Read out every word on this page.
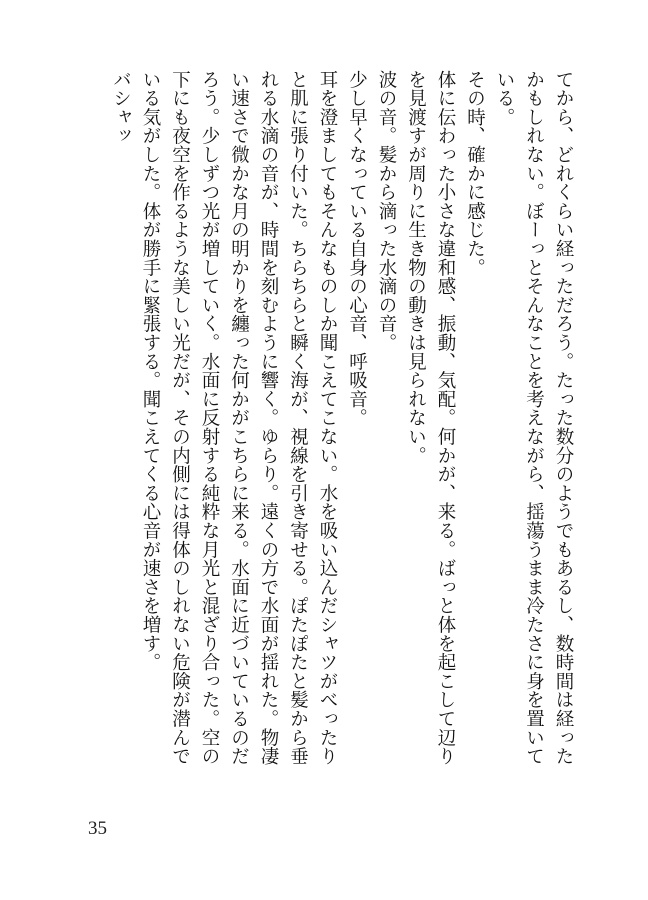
てから、どれくらい経っただろう。たった数分のようでもあるし、数時間は経ったかもしれない。ぼーっとそんなことを考えながら、揺蕩うまま冷たさに身を置いている。

その時、確かに感じた。

体に伝わった小さな違和感、振動、気配。何かが、来る。ばっと体を起こして辺りを見渡すが周りに生き物の動きは見られない。

波の音。髪から滴った水滴の音。

少し早くなっている自身の心音、呼吸音。

耳を澄ましてもそんなものしか聞こえてこない。水を吸い込んだシャツがべったりと肌に張り付いた。ちらちらと瞬く海が、視線を引き寄せる。ぽたぽたと髪から垂れる水滴の音が、時間を刻むように響く。ゆらり。遠くの方で水面が揺れた。物凄い速さで微かな月の明かりを纏った何かがこちらに来る。水面に近づいているのだろう。少しずつ光が増していく。水面に反射する純粋な月光と混ざり合った。空の下にも夜空を作るような美しい光だが、その内側には得体のしれない危険が潜んでいる気がした。体が勝手に緊張する。聞こえてくる心音が速さを増す。

バシャッ

35
